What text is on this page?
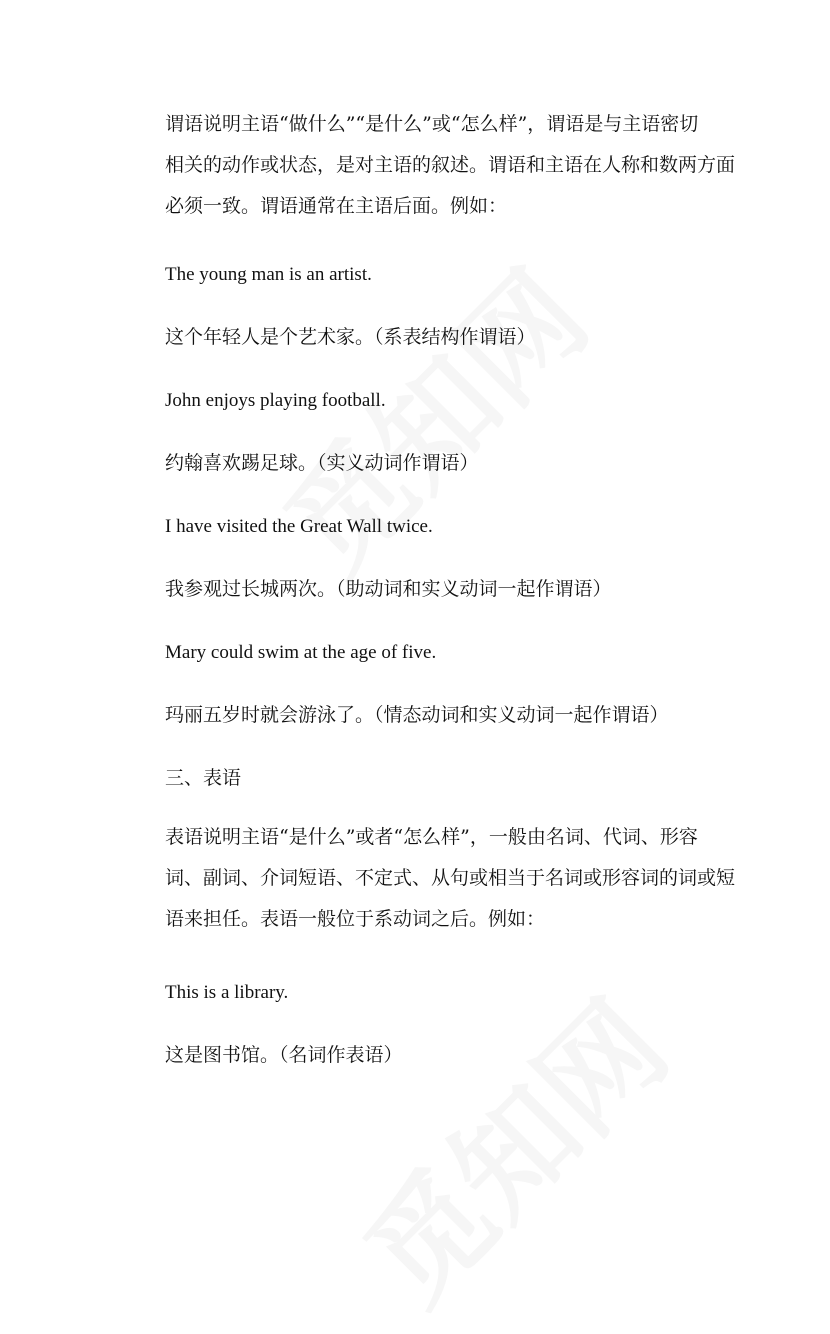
谓语说明主语“做什么”“是什么”或“怎么样”，谓语是与主语密切
相关的动作或状态，是对主语的叙述。谓语和主语在人称和数两方面
必须一致。谓语通常在主语后面。例如：
The young man is an artist.
这个年轻人是个艺术家。（系表结构作谓语）
John enjoys playing football.
约翰喜欢踢足球。（实义动词作谓语）
I have visited the Great Wall twice.
我参观过长城两次。（助动词和实义动词一起作谓语）
Mary could swim at the age of five.
玛丽五岁时就会游泳了。（情态动词和实义动词一起作谓语）
三、表语
表语说明主语“是什么”或者“怎么样”，一般由名词、代词、形容
词、副词、介词短语、不定式、从句或相当于名词或形容词的词或短
语来担任。表语一般位于系动词之后。例如：
This is a library.
这是图书馆。（名词作表语）
